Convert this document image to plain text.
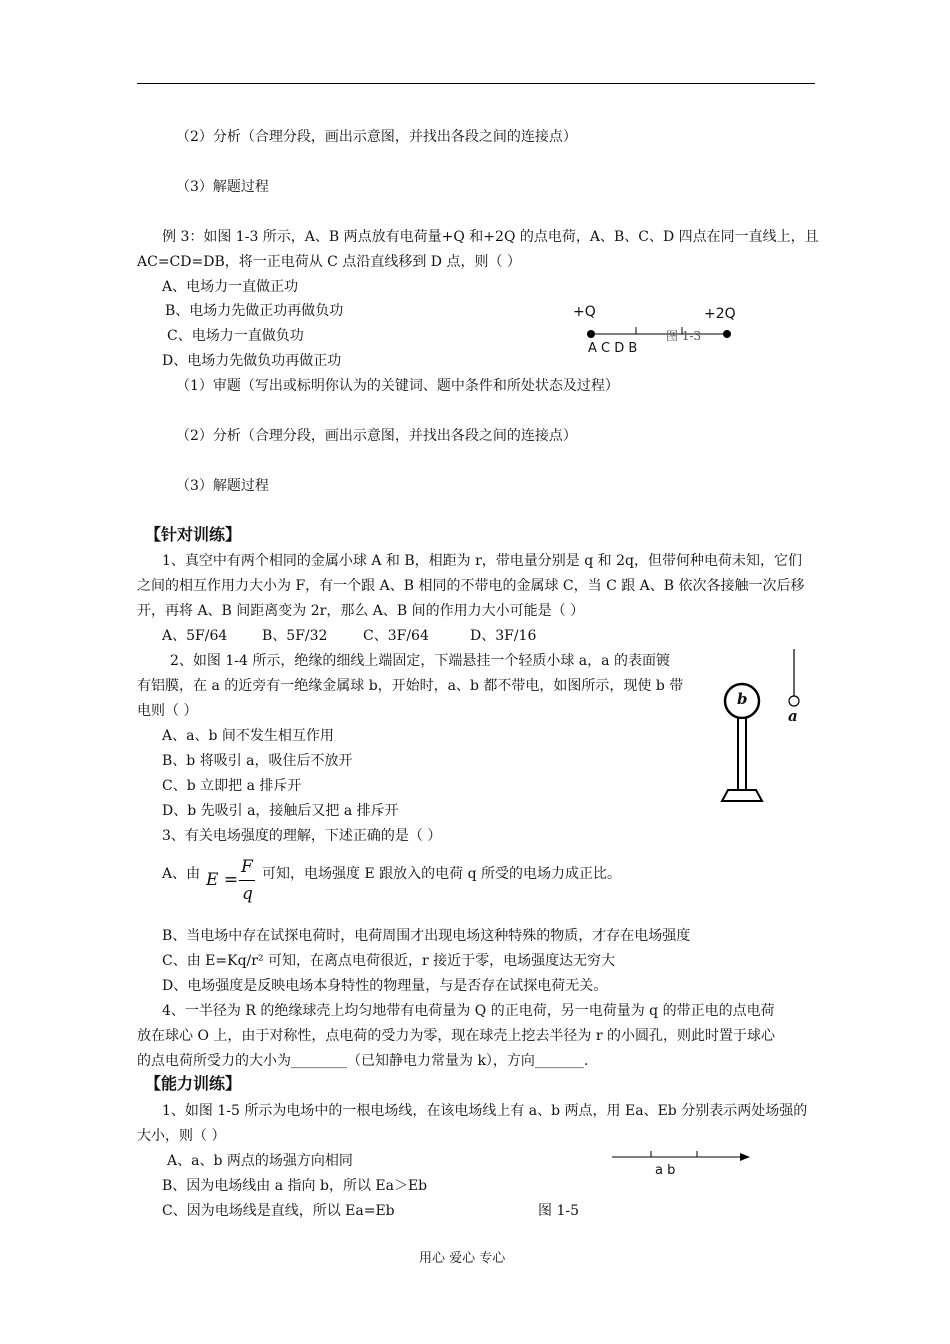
（2）分析（合理分段，画出示意图，并找出各段之间的连接点）
（3）解题过程
例 3：如图 1-3 所示，A、B 两点放有电荷量+Q 和+2Q 的点电荷，A、B、C、D 四点在同一直线上，且
AC=CD=DB，将一正电荷从 C 点沿直线移到 D 点，则（ ）
A、电场力一直做正功
B、电场力先做正功再做负功
C、电场力一直做负功
D、电场力先做负功再做正功
+Q	+2Q
A C D B
图 1-3
（1）审题（写出或标明你认为的关键词、题中条件和所处状态及过程）
（2）分析（合理分段，画出示意图，并找出各段之间的连接点）
（3）解题过程
【针对训练】
1、真空中有两个相同的金属小球 A 和 B，相距为 r，带电量分别是 q 和 2q，但带何种电荷未知，它们
之间的相互作用力大小为 F，有一个跟 A、B 相同的不带电的金属球 C，当 C 跟 A、B 依次各接触一次后移
开，再将 A、B 间距离变为 2r，那么 A、B 间的作用力大小可能是（ ）
A、5F/64 B、5F/32	C、3F/64	D、3F/16
2、如图 1-4 所示，绝缘的细线上端固定，下端悬挂一个轻质小球 a，a 的表面镀
有铝膜，在 a 的近旁有一绝缘金属球 b，开始时，a、b 都不带电，如图所示，现使 b 带
电则（ ）
A、a、b 间不发生相互作用
B、b 将吸引 a，吸住后不放开
C、b 立即把 a 排斥开
D、b 先吸引 a，接触后又把 a 排斥开
b
a
3、有关电场强度的理解，下述正确的是（ ）
A、由 E =
F
q
可知，电场强度 E 跟放入的电荷 q 所受的电场力成正比。
B、当电场中存在试探电荷时，电荷周围才出现电场这种特殊的物质，才存在电场强度
C、由 E=Kq/r² 可知，在离点电荷很近，r 接近于零，电场强度达无穷大
D、电场强度是反映电场本身特性的物理量，与是否存在试探电荷无关。
4、一半径为 R 的绝缘球壳上均匀地带有电荷量为 Q 的正电荷，另一电荷量为 q 的带正电的点电荷
放在球心 O 上，由于对称性，点电荷的受力为零，现在球壳上挖去半径为 r 的小圆孔，则此时置于球心
的点电荷所受力的大小为________（已知静电力常量为 k），方向_______.
【能力训练】
1、如图 1-5 所示为电场中的一根电场线，在该电场线上有 a、b 两点，用 Ea、Eb 分别表示两处场强的
大小，则（ ）
A、a、b 两点的场强方向相同
B、因为电场线由 a 指向 b，所以 Ea＞Eb
C、因为电场线是直线，所以 Ea=Eb
a b
图 1-5
用心 爱心 专心
